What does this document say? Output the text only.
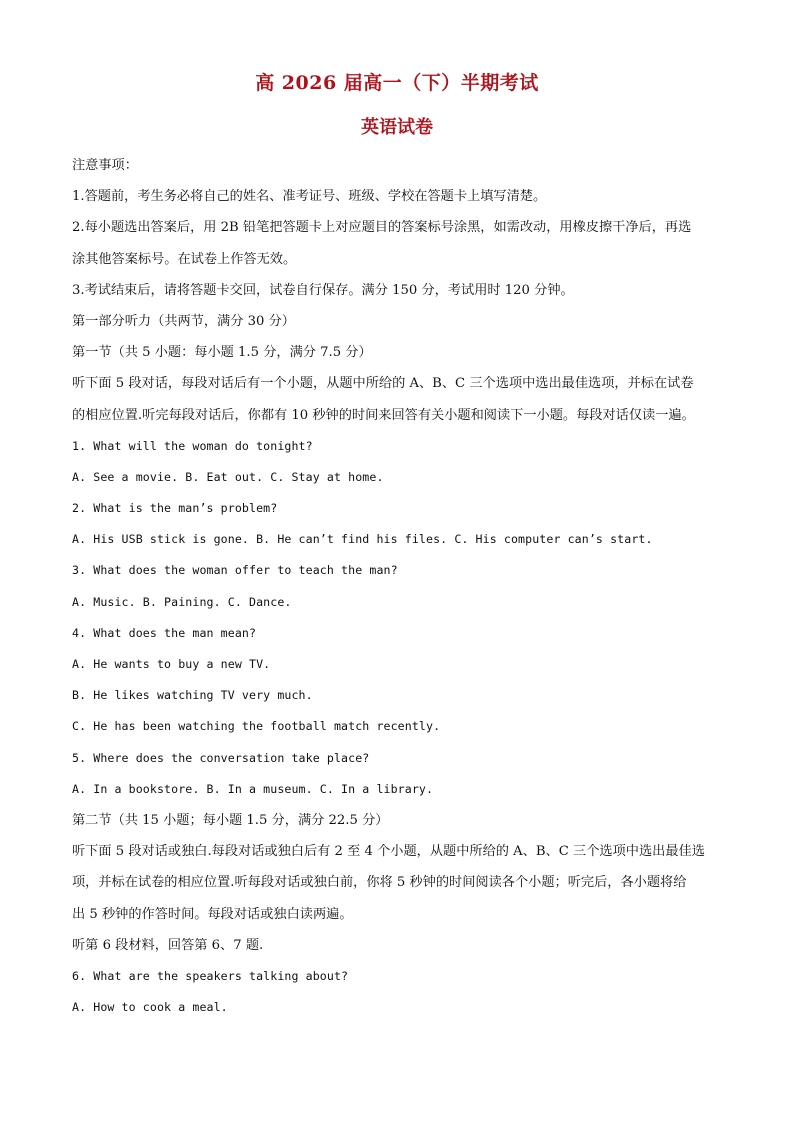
高 2026 届高一（下）半期考试
英语试卷
注意事项：
1.答题前，考生务必将自己的姓名、准考证号、班级、学校在答题卡上填写清楚。
2.每小题选出答案后，用 2B 铅笔把答题卡上对应题目的答案标号涂黑，如需改动，用橡皮擦干净后，再选
涂其他答案标号。在试卷上作答无效。
3.考试结束后，请将答题卡交回，试卷自行保存。满分 150 分，考试用时 120 分钟。
第一部分听力（共两节，满分 30 分）
第一节（共 5 小题：每小题 1.5 分，满分 7.5 分）
听下面 5 段对话，每段对话后有一个小题，从题中所给的 A、B、C 三个选项中选出最佳选项，并标在试卷
的相应位置.听完每段对话后，你都有 10 秒钟的时间来回答有关小题和阅读下一小题。每段对话仅读一遍。
1. What will the woman do tonight?
A. See a movie. B. Eat out. C. Stay at home.
2. What is the man’s problem?
A. His USB stick is gone. B. He can’t find his files. C. His computer can’s start.
3. What does the woman offer to teach the man?
A. Music. B. Paining. C. Dance.
4. What does the man mean?
A. He wants to buy a new TV.
B. He likes watching TV very much.
C. He has been watching the football match recently.
5. Where does the conversation take place?
A. In a bookstore. B. In a museum. C. In a library.
第二节（共 15 小题；每小题 1.5 分，满分 22.5 分）
听下面 5 段对话或独白.每段对话或独白后有 2 至 4 个小题，从题中所给的 A、B、C 三个选项中选出最佳选
项，并标在试卷的相应位置.听每段对话或独白前，你将 5 秒钟的时间阅读各个小题；听完后，各小题将给
出 5 秒钟的作答时间。每段对话或独白读两遍。
听第 6 段材料，回答第 6、7 题.
6. What are the speakers talking about?
A. How to cook a meal.
